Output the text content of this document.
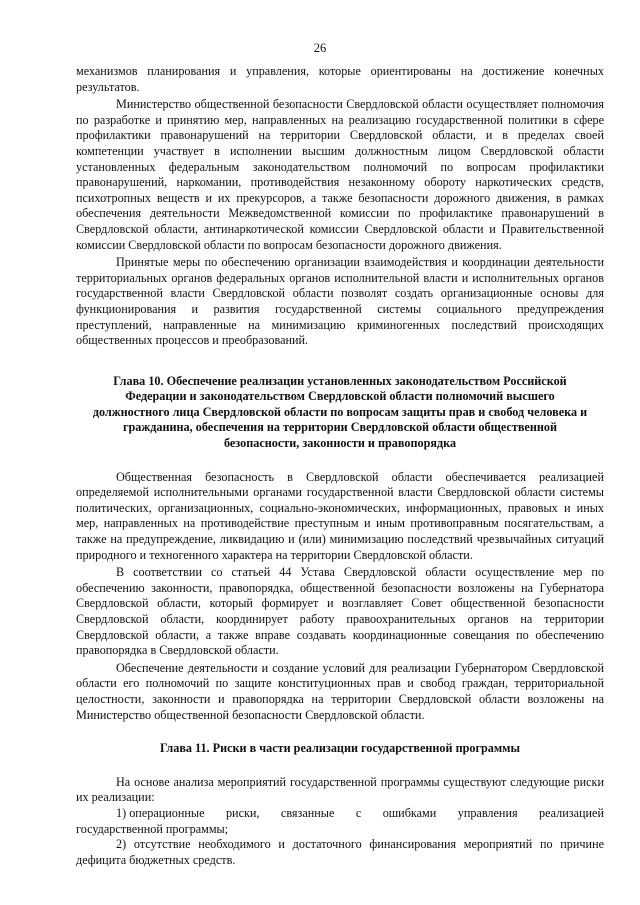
26

механизмов планирования и управления, которые ориентированы на достижение конечных результатов.

Министерство общественной безопасности Свердловской области осуществляет полномочия по разработке и принятию мер, направленных на реализацию государственной политики в сфере профилактики правонарушений на территории Свердловской области, и в пределах своей компетенции участвует в исполнении высшим должностным лицом Свердловской области установленных федеральным законодательством полномочий по вопросам профилактики правонарушений, наркомании, противодействия незаконному обороту наркотических средств, психотропных веществ и их прекурсоров, а также безопасности дорожного движения, в рамках обеспечения деятельности Межведомственной комиссии по профилактике правонарушений в Свердловской области, антинаркотической комиссии Свердловской области и Правительственной комиссии Свердловской области по вопросам безопасности дорожного движения.

Принятые меры по обеспечению организации взаимодействия и координации деятельности территориальных органов федеральных органов исполнительной власти и исполнительных органов государственной власти Свердловской области позволят создать организационные основы для функционирования и развития государственной системы социального предупреждения преступлений, направленные на минимизацию криминогенных последствий происходящих общественных процессов и преобразований.

Глава 10. Обеспечение реализации установленных законодательством Российской Федерации и законодательством Свердловской области полномочий высшего должностного лица Свердловской области по вопросам защиты прав и свобод человека и гражданина, обеспечения на территории Свердловской области общественной безопасности, законности и правопорядка

Общественная безопасность в Свердловской области обеспечивается реализацией определяемой исполнительными органами государственной власти Свердловской области системы политических, организационных, социально-экономических, информационных, правовых и иных мер, направленных на противодействие преступным и иным противоправным посягательствам, а также на предупреждение, ликвидацию и (или) минимизацию последствий чрезвычайных ситуаций природного и техногенного характера на территории Свердловской области.

В соответствии со статьей 44 Устава Свердловской области осуществление мер по обеспечению законности, правопорядка, общественной безопасности возложены на Губернатора Свердловской области, который формирует и возглавляет Совет общественной безопасности Свердловской области, координирует работу правоохранительных органов на территории Свердловской области, а также вправе создавать координационные совещания по обеспечению правопорядка в Свердловской области.

Обеспечение деятельности и создание условий для реализации Губернатором Свердловской области его полномочий по защите конституционных прав и свобод граждан, территориальной целостности, законности и правопорядка на территории Свердловской области возложены на Министерство общественной безопасности Свердловской области.

Глава 11. Риски в части реализации государственной программы

На основе анализа мероприятий государственной программы существуют следующие риски их реализации:

1) операционные риски, связанные с ошибками управления реализацией

государственной программы;

2) отсутствие необходимого и достаточного финансирования мероприятий по причине дефицита бюджетных средств.
